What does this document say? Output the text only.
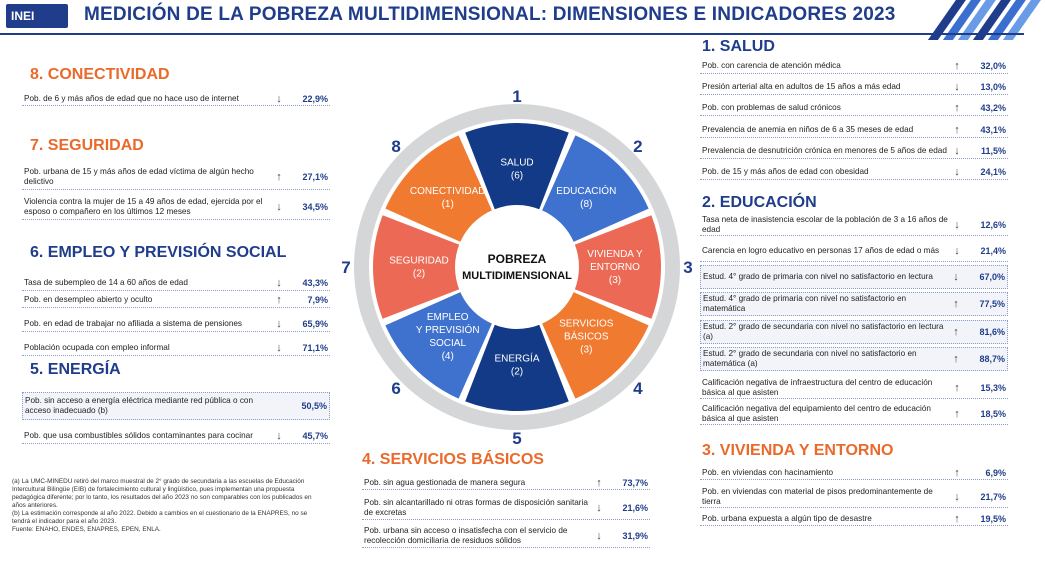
INEI	MEDICIÓN DE LA POBREZA MULTIDIMENSIONAL: DIMENSIONES E INDICADORES 2023
8. CONECTIVIDAD
Pob. de 6 y más años de edad que no hace uso de internet	↓	22,9%
7. SEGURIDAD
Pob. urbana de 15 y más años de edad víctima de algún hecho delictivo	↑	27,1%
Violencia contra la mujer de 15 a 49 años de edad, ejercida por el esposo o compañero en los últimos 12 meses	↓	34,5%
6. EMPLEO Y PREVISIÓN SOCIAL
Tasa de subempleo de 14 a 60 años de edad	↓	43,3%
Pob. en desempleo abierto y oculto	↑	7,9%
Pob. en edad de trabajar no afiliada a sistema de pensiones	↓	65,9%
Población ocupada con empleo informal	↓	71,1%
5. ENERGÍA
Pob. sin acceso a energía eléctrica mediante red pública o con acceso inadecuado (b)	50,5%
Pob. que usa combustibles sólidos contaminantes para cocinar	↓	45,7%
SALUD
(6)
1
EDUCACIÓN
(8)
2
VIVIENDA Y
ENTORNO
(3)
3
SERVICIOS
BÁSICOS
(3)
4
ENERGÍA
(2)
5
EMPLEO
Y PREVISIÓN
SOCIAL
(4)
6
SEGURIDAD
(2)
7
CONECTIVIDAD
(1)
8
POBREZA
MULTIDIMENSIONAL
4. SERVICIOS BÁSICOS
Pob. sin agua gestionada de manera segura	↑	73,7%
Pob. sin alcantarillado ni otras formas de disposición sanitaria de excretas	↓	21,6%
Pob. urbana sin acceso o insatisfecha con el servicio de recolección domiciliaria de residuos sólidos	↓	31,9%
1. SALUD
Pob. con carencia de atención médica	↑	32,0%
Presión arterial alta en adultos de 15 años a más edad	↓	13,0%
Pob. con problemas de salud crónicos	↑	43,2%
Prevalencia de anemia en niños de 6 a 35 meses de edad	↑	43,1%
Prevalencia de desnutrición crónica en menores de 5 años de edad ↓	11,5%
Pob. de 15 y más años de edad con obesidad	↓	24,1%
2. EDUCACIÓN
Tasa neta de inasistencia escolar de la población de 3 a 16 años de edad	↓	12,6%
Carencia en logro educativo en personas 17 años de edad o más	↓	21,4%
Estud. 4° grado de primaria con nivel no satisfactorio en lectura	↓	67,0%
Estud. 4° grado de primaria con nivel no satisfactorio en matemática	↑	77,5%
Estud. 2° grado de secundaria con nivel no satisfactorio en lectura (a)	↑	81,6%
Estud. 2° grado de secundaria con nivel no satisfactorio en matemática (a)	↑	88,7%
Calificación negativa de infraestructura del centro de educación básica al que asisten	↑	15,3%
Calificación negativa del equipamiento del centro de educación básica al que asisten	↑	18,5%
3. VIVIENDA Y ENTORNO
Pob. en viviendas con hacinamiento	↑	6,9%
Pob. en viviendas con material de pisos predominantemente de tierra	↓	21,7%
Pob. urbana expuesta a algún tipo de desastre	↑	19,5%

(a) La UMC-MINEDU retiró del marco muestral de 2° grado de secundaria a las escuelas de Educación Intercultural Bilingüe (EIB) de fortalecimiento cultural y lingüístico, pues implementan una propuesta pedagógica diferente; por lo tanto, los resultados del año 2023 no son comparables con los publicados en años anteriores.

(b) La estimación corresponde al año 2022. Debido a cambios en el cuestionario de la ENAPRES, no se tendrá el indicador para el año 2023.

Fuente: ENAHO, ENDES, ENAPRES, EPEN, ENLA.
